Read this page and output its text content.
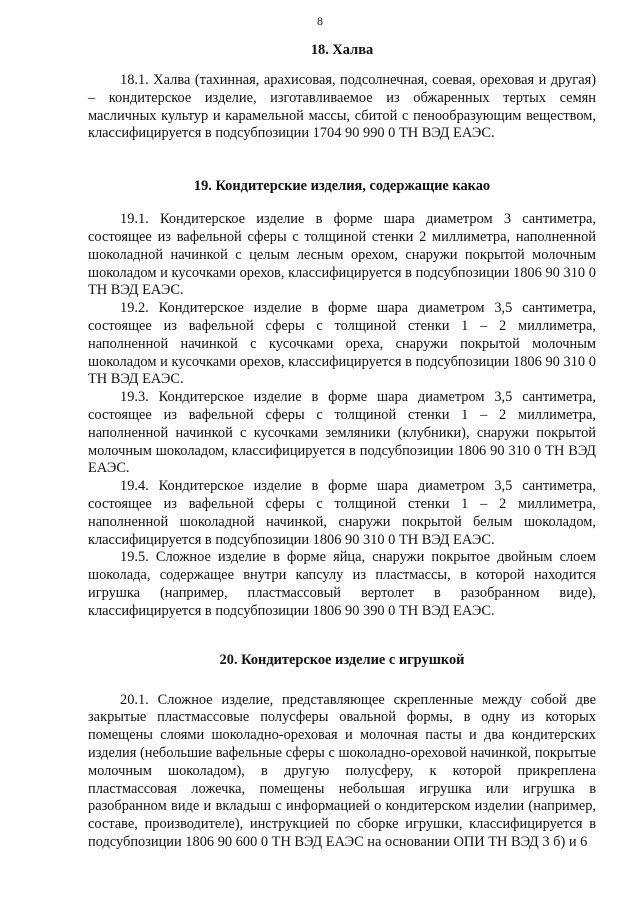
8
18. Халва

18.1. Халва (тахинная, арахисовая, подсолнечная, соевая, ореховая и другая) – кондитерское изделие, изготавливаемое из обжаренных тертых семян масличных культур и карамельной массы, сбитой с пенообразующим веществом, классифицируется в подсубпозиции 1704 90 990 0 ТН ВЭД ЕАЭС.

19. Кондитерские изделия, содержащие какао

19.1. Кондитерское изделие в форме шара диаметром 3 сантиметра, состоящее из вафельной сферы с толщиной стенки 2 миллиметра, наполненной шоколадной начинкой с целым лесным орехом, снаружи покрытой молочным шоколадом и кусочками орехов, классифицируется в подсубпозиции 1806 90 310 0 ТН ВЭД ЕАЭС.

19.2. Кондитерское изделие в форме шара диаметром 3,5 сантиметра, состоящее из вафельной сферы с толщиной стенки 1 – 2 миллиметра, наполненной начинкой с кусочками ореха, снаружи покрытой молочным шоколадом и кусочками орехов, классифицируется в подсубпозиции 1806 90 310 0 ТН ВЭД ЕАЭС.

19.3. Кондитерское изделие в форме шара диаметром 3,5 сантиметра, состоящее из вафельной сферы с толщиной стенки 1 – 2 миллиметра, наполненной начинкой с кусочками земляники (клубники), снаружи покрытой молочным шоколадом, классифицируется в подсубпозиции 1806 90 310 0 ТН ВЭД ЕАЭС.

19.4. Кондитерское изделие в форме шара диаметром 3,5 сантиметра, состоящее из вафельной сферы с толщиной стенки 1 – 2 миллиметра, наполненной шоколадной начинкой, снаружи покрытой белым шоколадом, классифицируется в подсубпозиции 1806 90 310 0 ТН ВЭД ЕАЭС.

19.5. Сложное изделие в форме яйца, снаружи покрытое двойным слоем шоколада, содержащее внутри капсулу из пластмассы, в которой находится игрушка (например, пластмассовый вертолет в разобранном виде), классифицируется в подсубпозиции 1806 90 390 0 ТН ВЭД ЕАЭС.

20. Кондитерское изделие с игрушкой

20.1. Сложное изделие, представляющее скрепленные между собой две закрытые пластмассовые полусферы овальной формы, в одну из которых помещены слоями шоколадно-ореховая и молочная пасты и два кондитерских изделия (небольшие вафельные сферы с шоколадно-ореховой начинкой, покрытые молочным шоколадом), в другую полусферу, к которой прикреплена пластмассовая ложечка, помещены небольшая игрушка или игрушка в разобранном виде и вкладыш с информацией о кондитерском изделии (например, составе, производителе), инструкцией по сборке игрушки, классифицируется в подсубпозиции 1806 90 600 0 ТН ВЭД ЕАЭС на основании ОПИ ТН ВЭД 3 б) и 6
